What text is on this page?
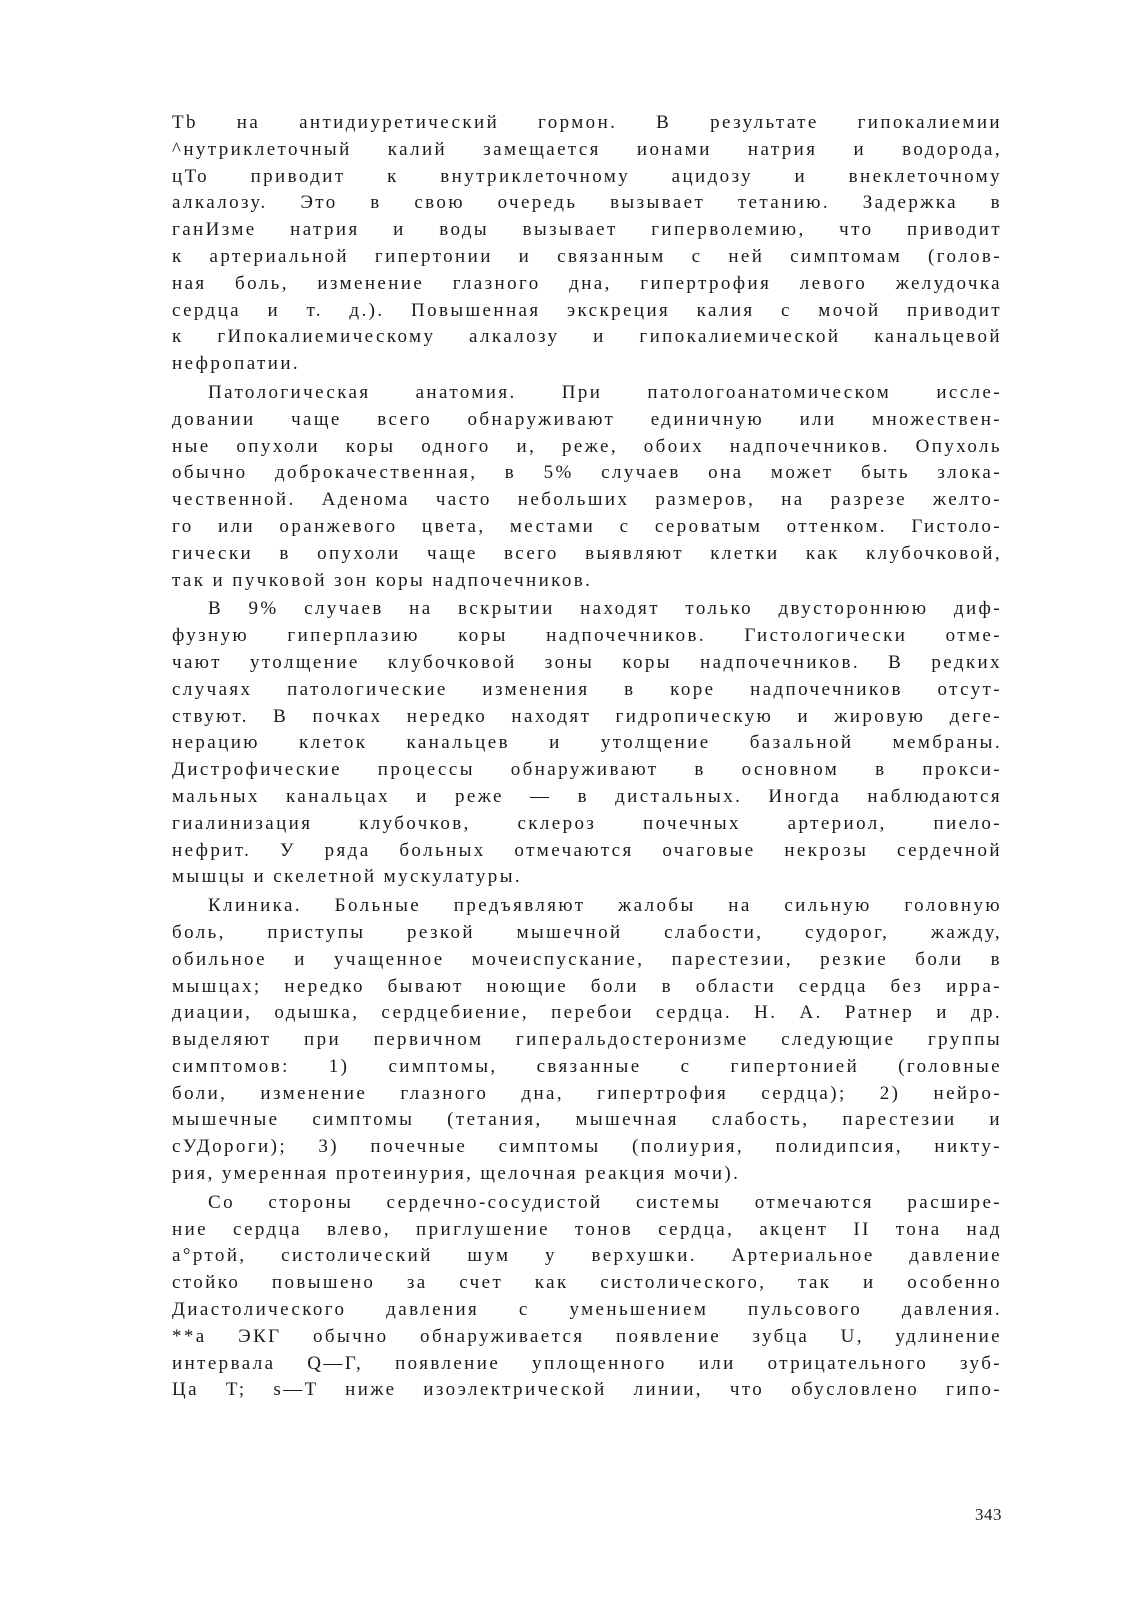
Тb на антидиуретический гормон. В результате гипокалиемии
^нутриклеточный калий замещается ионами натрия и водорода,
цТо приводит к внутриклеточному ацидозу и внеклеточному
алкалозу. Это в свою очередь вызывает тетанию. Задержка в
ганИзме натрия и воды вызывает гиперволемию, что приводит
к артериальной гипертонии и связанным с ней симптомам (голов-
ная боль, изменение глазного дна, гипертрофия левого желудочка
сердца и т. д.). Повышенная экскреция калия с мочой приводит
к гИпокалиемическому алкалозу и гипокалиемической канальцевой
нефропатии.
Патологическая анатомия. При патологоанатомическом иссле-
довании чаще всего обнаруживают единичную или множествен-
ные опухоли коры одного и, реже, обоих надпочечников. Опухоль
обычно доброкачественная, в 5% случаев она может быть злока-
чественной. Аденома часто небольших размеров, на разрезе желто-
го или оранжевого цвета, местами с сероватым оттенком. Гистоло-
гически в опухоли чаще всего выявляют клетки как клубочковой,
так и пучковой зон коры надпочечников.
В 9% случаев на вскрытии находят только двустороннюю диф-
фузную гиперплазию коры надпочечников. Гистологически отме-
чают утолщение клубочковой зоны коры надпочечников. В редких
случаях патологические изменения в коре надпочечников отсут-
ствуют. В почках нередко находят гидропическую и жировую деге-
нерацию клеток канальцев и утолщение базальной мембраны.
Дистрофические процессы обнаруживают в основном в прокси-
мальных канальцах и реже — в дистальных. Иногда наблюдаются
гиалинизация клубочков, склероз почечных артериол, пиело-
нефрит. У ряда больных отмечаются очаговые некрозы сердечной
мышцы и скелетной мускулатуры.
Клиника. Больные предъявляют жалобы на сильную головную
боль, приступы резкой мышечной слабости, судорог, жажду,
обильное и учащенное мочеиспускание, парестезии, резкие боли в
мышцах; нередко бывают ноющие боли в области сердца без ирра-
диации, одышка, сердцебиение, перебои сердца. Н. А. Ратнер и др.
выделяют при первичном гиперальдостеронизме следующие группы
симптомов: 1) симптомы, связанные с гипертонией (головные
боли, изменение глазного дна, гипертрофия сердца); 2) нейро-
мышечные симптомы (тетания, мышечная слабость, парестезии и
сУДороги); 3) почечные симптомы (полиурия, полидипсия, никту-
рия, умеренная протеинурия, щелочная реакция мочи).
Со стороны сердечно-сосудистой системы отмечаются расшире-
ние сердца влево, приглушение тонов сердца, акцент II тона над
а°ртой, систолический шум у верхушки. Артериальное давление
стойко повышено за счет как систолического, так и особенно
Диастолического давления с уменьшением пульсового давления.
**а ЭКГ обычно обнаруживается появление зубца U, удлинение
интервала Q—Г, появление уплощенного или отрицательного зуб-
Ца T; s—T ниже изоэлектрической линии, что обусловлено гипо-
343
